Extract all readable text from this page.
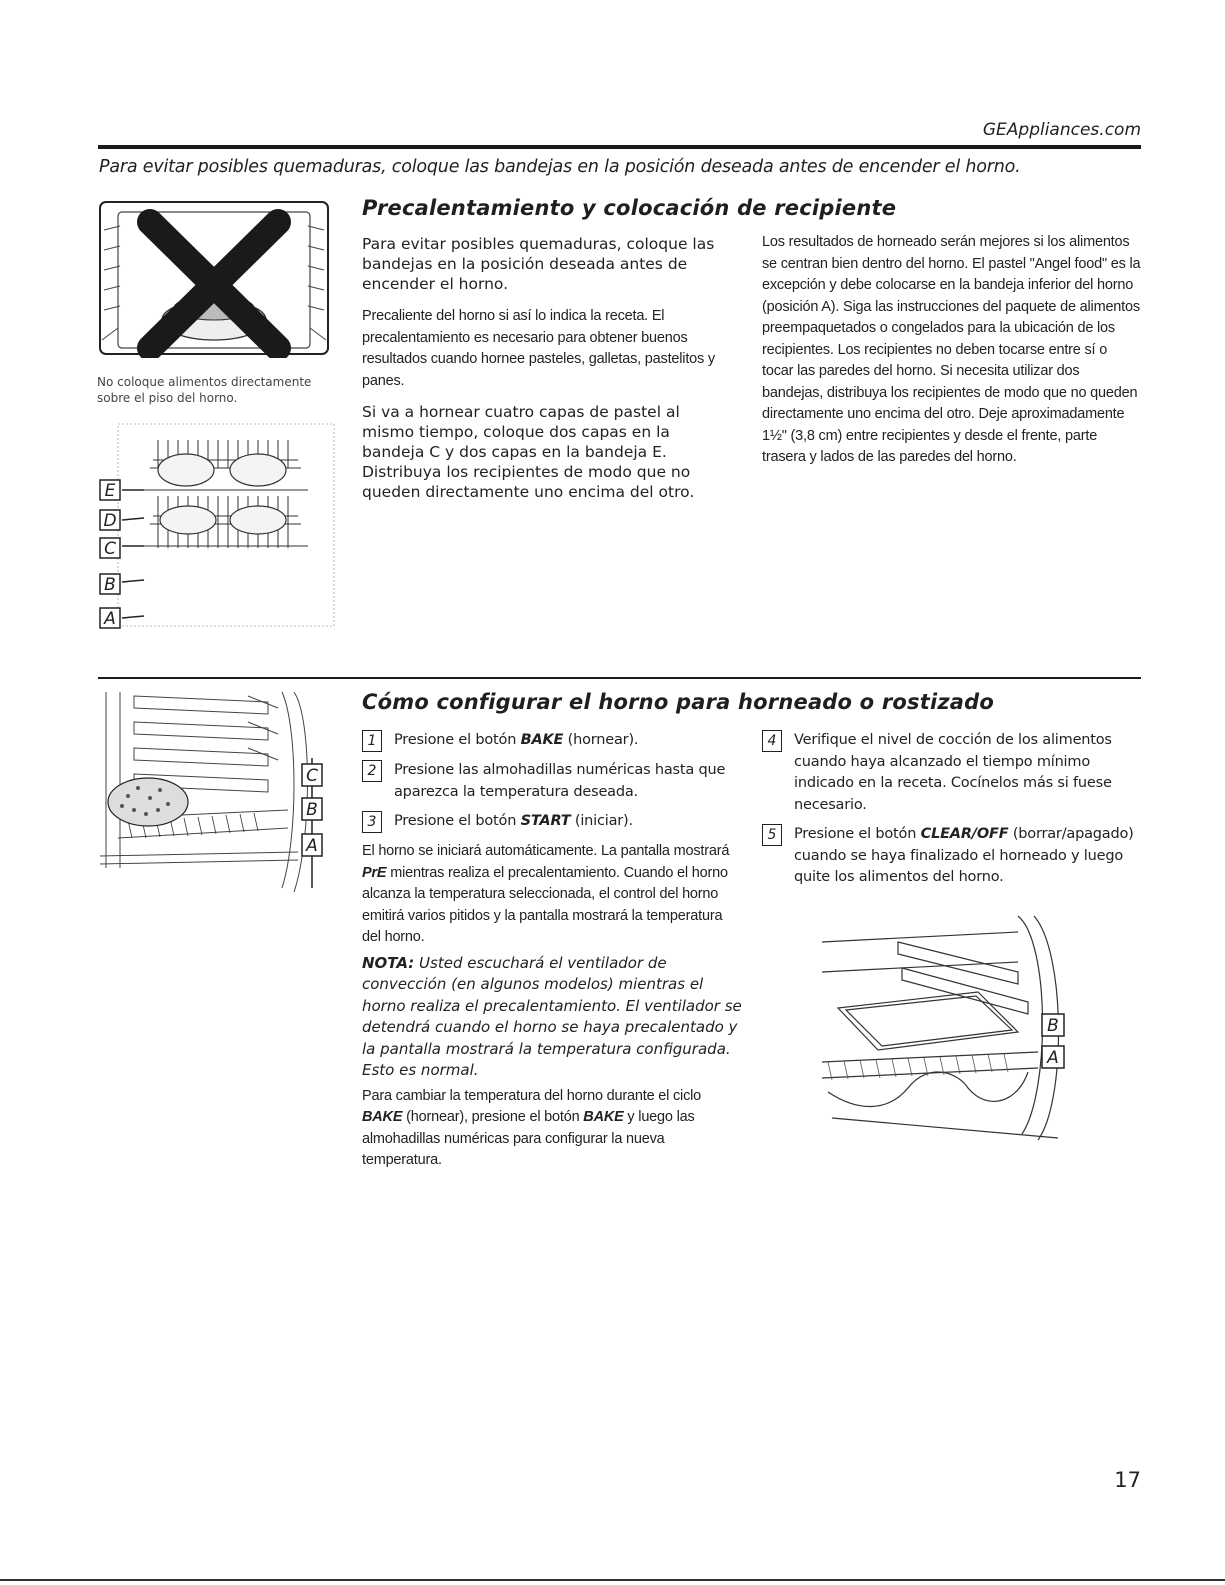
GEAppliances.com
Para evitar posibles quemaduras, coloque las bandejas en la posición deseada antes de encender el horno.
No coloque alimentos directamente sobre el piso del horno.
E
D
C
B
A
Precalentamiento y colocación de recipiente
Para evitar posibles quemaduras, coloque las bandejas en la posición deseada antes de encender el horno.
Precaliente del horno si así lo indica la receta. El precalentamiento es necesario para obtener buenos resultados cuando hornee pasteles, galletas, pastelitos y panes.
Si va a hornear cuatro capas de pastel al mismo tiempo, coloque dos capas en la bandeja C y dos capas en la bandeja E. Distribuya los recipientes de modo que no queden directamente uno encima del otro.
Los resultados de horneado serán mejores si los alimentos se centran bien dentro del horno. El pastel "Angel food" es la excepción y debe colocarse en la bandeja inferior del horno (posición A). Siga las instrucciones del paquete de alimentos preempaquetados o congelados para la ubicación de los recipientes. Los recipientes no deben tocarse entre sí o tocar las paredes del horno. Si necesita utilizar dos bandejas, distribuya los recipientes de modo que no queden directamente uno encima del otro. Deje aproximadamente 1½" (3,8 cm) entre recipientes y desde el frente, parte trasera y lados de las paredes del horno.
C
B
A
Cómo configurar el horno para horneado o rostizado
1	Presione el botón BAKE (hornear).
2	Presione las almohadillas numéricas hasta que aparezca la temperatura deseada.
3	Presione el botón START (iniciar).
El horno se iniciará automáticamente. La pantalla mostrará PrE mientras realiza el precalentamiento. Cuando el horno alcanza la temperatura seleccionada, el control del horno emitirá varios pitidos y la pantalla mostrará la temperatura del horno.
NOTA: Usted escuchará el ventilador de convección (en algunos modelos) mientras el horno realiza el precalentamiento. El ventilador se detendrá cuando el horno se haya precalentado y la pantalla mostrará la temperatura configurada. Esto es normal.
Para cambiar la temperatura del horno durante el ciclo BAKE (hornear), presione el botón BAKE y luego las almohadillas numéricas para configurar la nueva temperatura.
4	Verifique el nivel de cocción de los alimentos cuando haya alcanzado el tiempo mínimo indicado en la receta. Cocínelos más si fuese necesario.
5	Presione el botón CLEAR/OFF (borrar/apagado) cuando se haya finalizado el horneado y luego quite los alimentos del horno.
B
A
17
